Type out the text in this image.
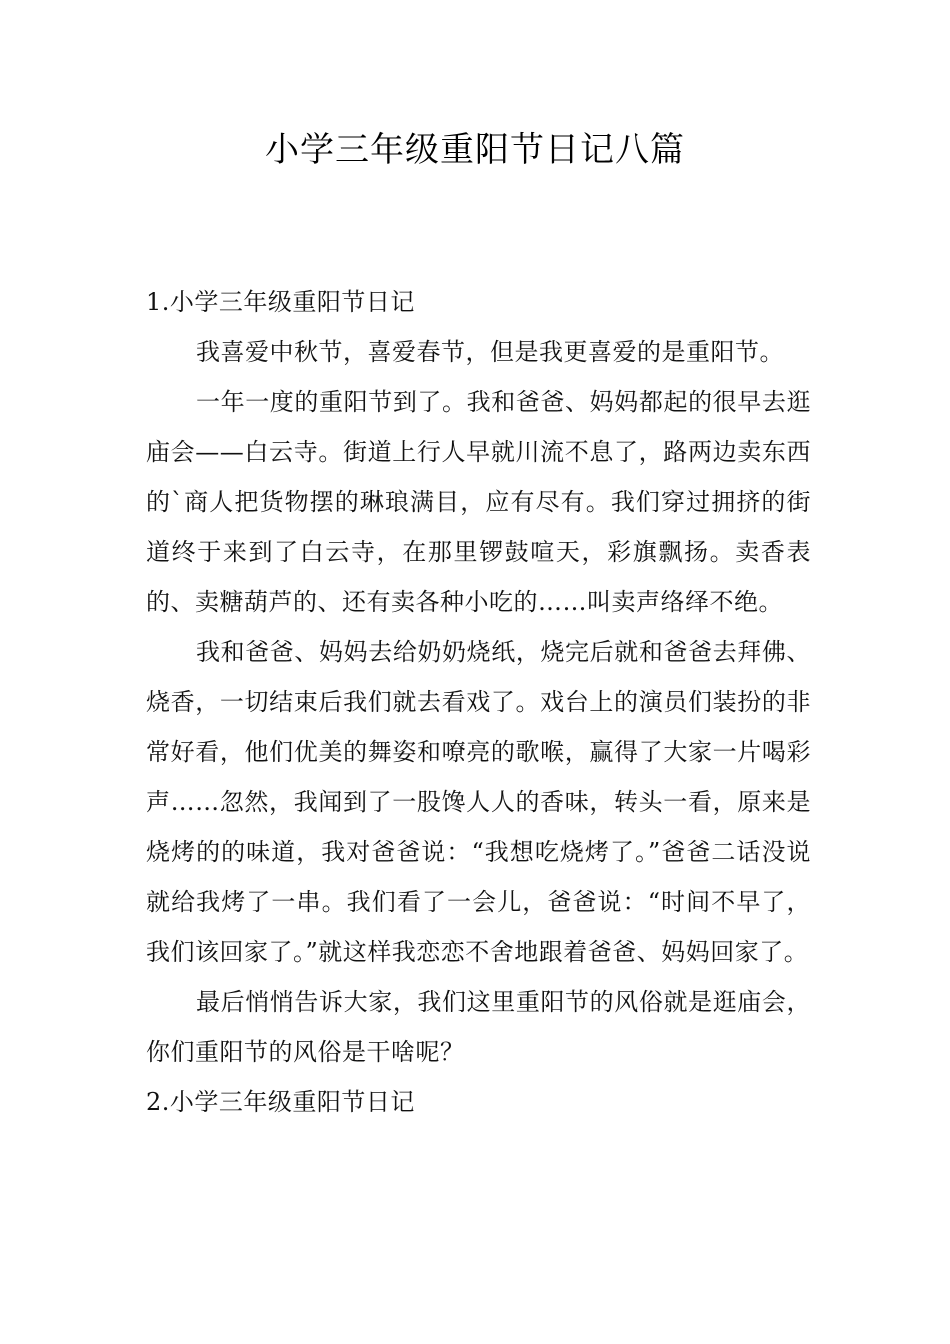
小学三年级重阳节日记八篇

1.小学三年级重阳节日记

我喜爱中秋节，喜爱春节，但是我更喜爱的是重阳节。

一年一度的重阳节到了。我和爸爸、妈妈都起的很早去逛庙会——白云寺。街道上行人早就川流不息了，路两边卖东西的`商人把货物摆的琳琅满目，应有尽有。我们穿过拥挤的街道终于来到了白云寺，在那里锣鼓喧天，彩旗飘扬。卖香表的、卖糖葫芦的、还有卖各种小吃的……叫卖声络绎不绝。

我和爸爸、妈妈去给奶奶烧纸，烧完后就和爸爸去拜佛、烧香，一切结束后我们就去看戏了。戏台上的演员们装扮的非常好看，他们优美的舞姿和嘹亮的歌喉，赢得了大家一片喝彩声……忽然，我闻到了一股馋人人的香味，转头一看，原来是烧烤的的味道，我对爸爸说：“我想吃烧烤了。”爸爸二话没说就给我烤了一串。我们看了一会儿，爸爸说：“时间不早了，我们该回家了。”就这样我恋恋不舍地跟着爸爸、妈妈回家了。

最后悄悄告诉大家，我们这里重阳节的风俗就是逛庙会，你们重阳节的风俗是干啥呢？

2.小学三年级重阳节日记
